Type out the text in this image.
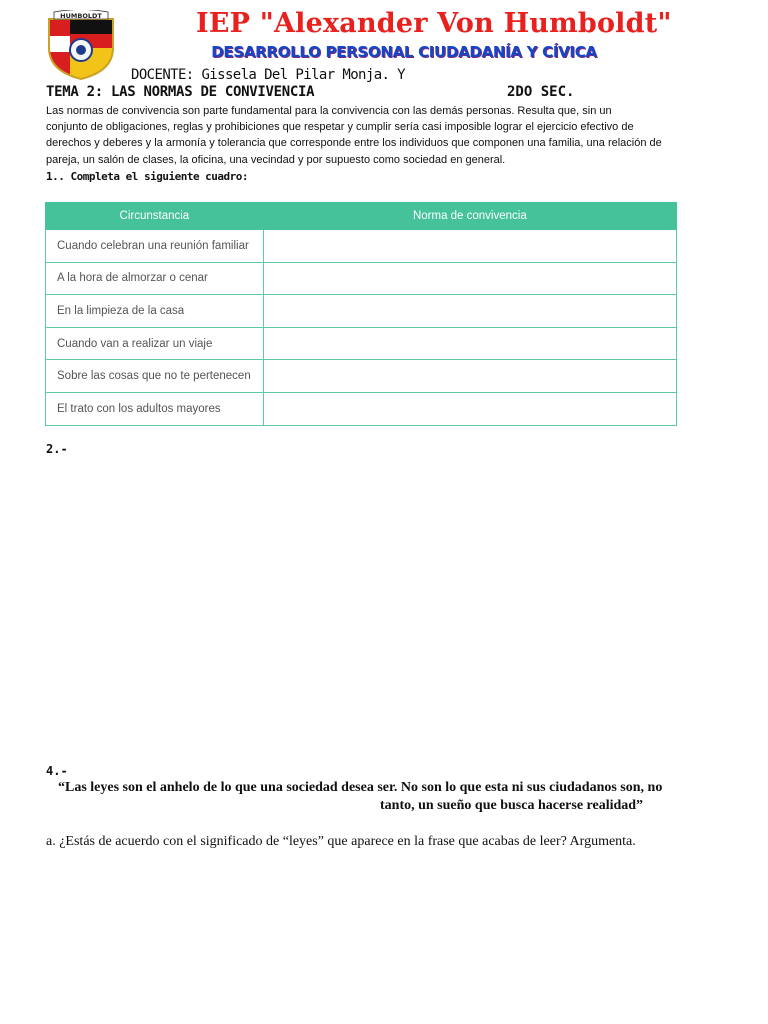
HUMBOLDT	IEP "Alexander Von Humboldt"
DESARROLLO PERSONAL CIUDADANÍA Y CÍVICA
DOCENTE: Gissela Del Pilar Monja. Y
TEMA 2: LAS NORMAS DE CONVIVENCIA	2DO SEC.
Las normas de convivencia son parte fundamental para la convivencia con las demás personas. Resulta que, sin un
conjunto de obligaciones, reglas y prohibiciones que respetar y cumplir sería casi imposible lograr el ejercicio efectivo de
derechos y deberes y la armonía y tolerancia que corresponde entre los individuos que componen una familia, una relación de
pareja, un salón de clases, la oficina, una vecindad y por supuesto como sociedad en general.
1.. Completa el siguiente cuadro:
Circunstancia	Norma de convivencia
Cuando celebran una reunión familiar	
A la hora de almorzar o cenar	
En la limpieza de la casa	
Cuando van a realizar un viaje	
Sobre las cosas que no te pertenecen	
El trato con los adultos mayores	
2.-
4.-
“Las leyes son el anhelo de lo que una sociedad desea ser. No son lo que esta ni sus ciudadanos son, no
tanto, un sueño que busca hacerse realidad”
a. ¿Estás de acuerdo con el significado de “leyes” que aparece en la frase que acabas de leer? Argumenta.
